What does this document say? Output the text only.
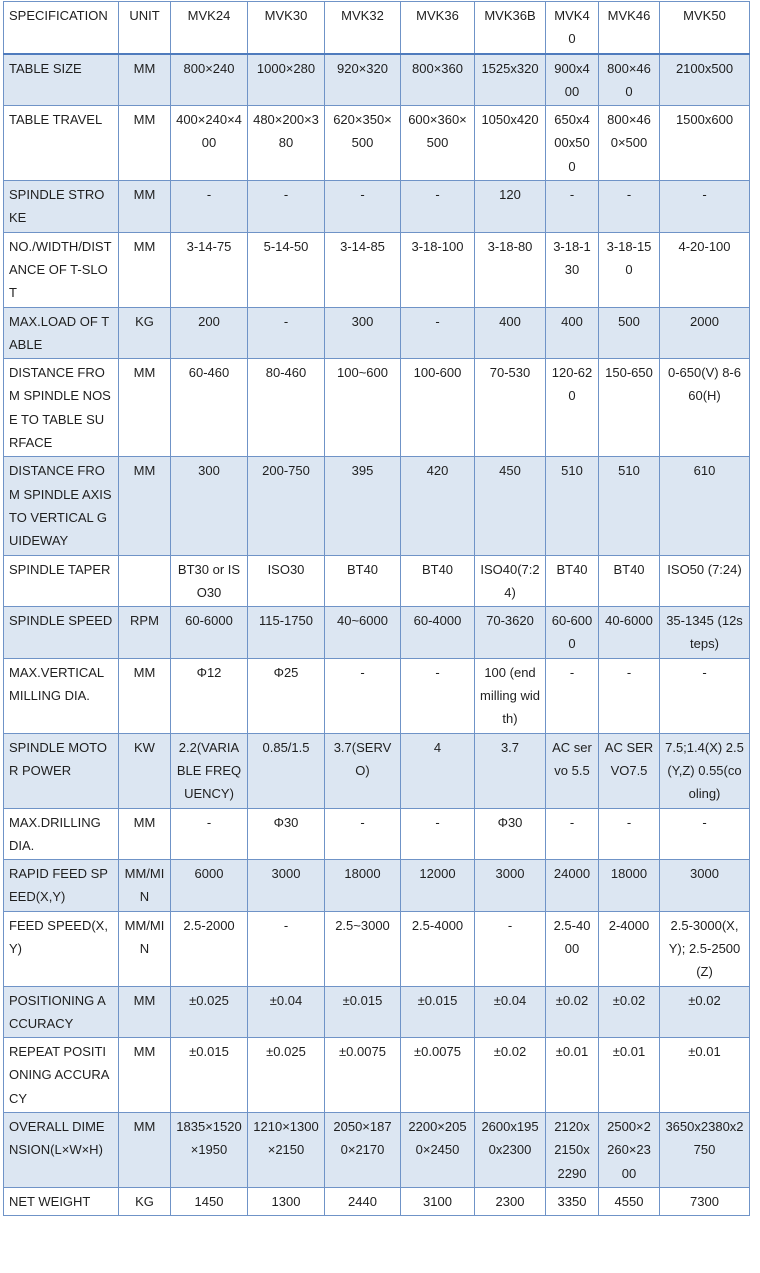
SPECIFICATION	UNIT	MVK24	MVK30	MVK32	MVK36	MVK36B	MVK40	MVK46	MVK50
TABLE SIZE	MM	800×240	1000×280	920×320	800×360	1525x320	900x400	800×460	2100x500
TABLE TRAVEL	MM	400×240×400	480×200×380	620×350×500	600×360×500	1050x420	650x400x500	800×460×500	1500x600
SPINDLE STROKE	MM	-	-	-	-	120	-	-	-
NO./WIDTH/DISTANCE OF T-SLOT	MM	3-14-75	5-14-50	3-14-85	3-18-100	3-18-80	3-18-130	3-18-150	4-20-100
MAX.LOAD OF TABLE	KG	200	-	300	-	400	400	500	2000
DISTANCE FROM SPINDLE NOSE TO TABLE SURFACE	MM	60-460	80-460	100~600	100-600	70-530	120-620	150-650	0-650(V) 8-660(H)
DISTANCE FROM SPINDLE AXIS TO VERTICAL GUIDEWAY	MM	300	200-750	395	420	450	510	510	610
SPINDLE TAPER		BT30 or ISO30	ISO30	BT40	BT40	ISO40(7:24)	BT40	BT40	ISO50 (7:24)
SPINDLE SPEED	RPM	60-6000	115-1750	40~6000	60-4000	70-3620	60-6000	40-6000	35-1345 (12steps)
MAX.VERTICAL MILLING DIA.	MM	Φ12	Φ25	-	-	100 (end milling width)	-	-	-
SPINDLE MOTOR POWER	KW	2.2(VARIABLE FREQUENCY)	0.85/1.5	3.7(SERVO)	4	3.7	AC servo 5.5	AC SERVO7.5	7.5;1.4(X) 2.5(Y,Z) 0.55(cooling)
MAX.DRILLING DIA.	MM	-	Φ30	-	-	Φ30	-	-	-
RAPID FEED SPEED(X,Y)	MM/MIN	6000	3000	18000	12000	3000	24000	18000	3000
FEED SPEED(X,Y)	MM/MIN	2.5-2000	-	2.5~3000	2.5-4000	-	2.5-4000	2-4000	2.5-3000(X,Y); 2.5-2500(Z)
POSITIONING ACCURACY	MM	±0.025	±0.04	±0.015	±0.015	±0.04	±0.02	±0.02	±0.02
REPEAT POSITIONING ACCURACY	MM	±0.015	±0.025	±0.0075	±0.0075	±0.02	±0.01	±0.01	±0.01
OVERALL DIMENSION(L×W×H)	MM	1835×1520×1950	1210×1300×2150	2050×1870×2170	2200×2050×2450	2600x1950x2300	2120x2150x2290	2500×2260×2300	3650x2380x2750
NET WEIGHT	KG	1450	1300	2440	3100	2300	3350	4550	7300
